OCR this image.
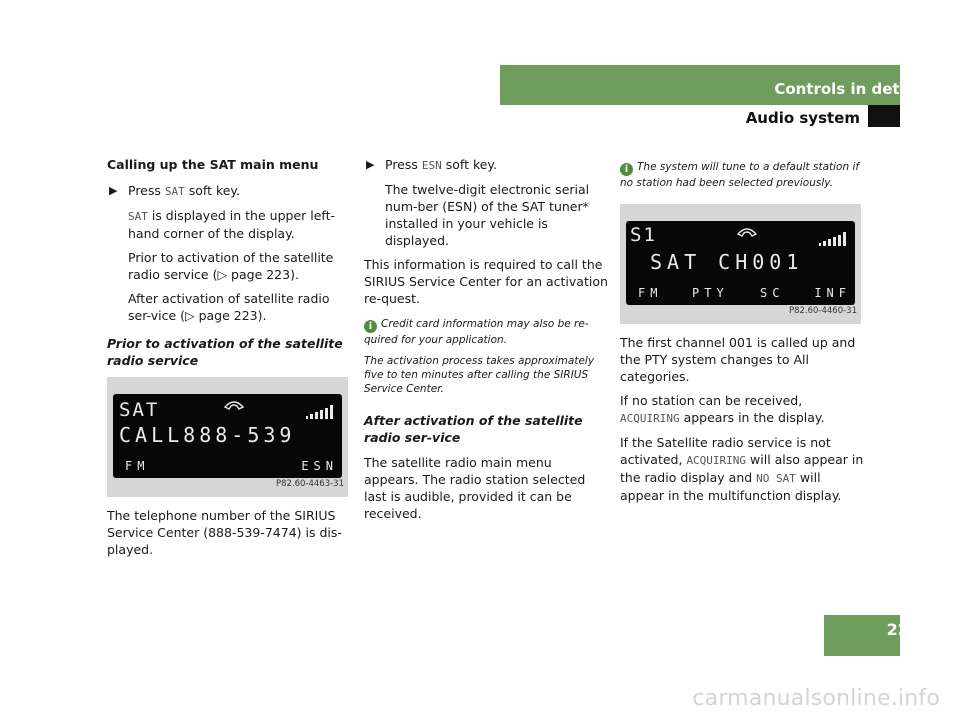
Controls in detail
Audio system
Calling up the SAT main menu
▶ Press SAT soft key.
SAT is displayed in the upper left-hand corner of the display.
Prior to activation of the satellite radio service (▷ page 223).
After activation of satellite radio ser-vice (▷ page 223).
Prior to activation of the satellite radio service
SAT
CALL888-539
FM	ESN
P82.60-4463-31
The telephone number of the SIRIUS Service Center (888-539-7474) is dis-played.
▶ Press ESN soft key.
The twelve-digit electronic serial num-ber (ESN) of the SAT tuner* installed in your vehicle is displayed.
This information is required to call the SIRIUS Service Center for an activation re-quest.
i Credit card information may also be re-quired for your application.
The activation process takes approximately five to ten minutes after calling the SIRIUS Service Center.
After activation of the satellite radio ser-vice
The satellite radio main menu appears. The radio station selected last is audible, provided it can be received.
i The system will tune to a default station if no station had been selected previously.
S1
SAT CH001
FM PTY	SC INF
P82.60-4460-31
The first channel 001 is called up and the PTY system changes to All categories.
If no station can be received, ACQUIRING appears in the display.
If the Satellite radio service is not activated, ACQUIRING will also appear in the radio display and NO SAT will appear in the multifunction display.
223
carmanualsonline.info
